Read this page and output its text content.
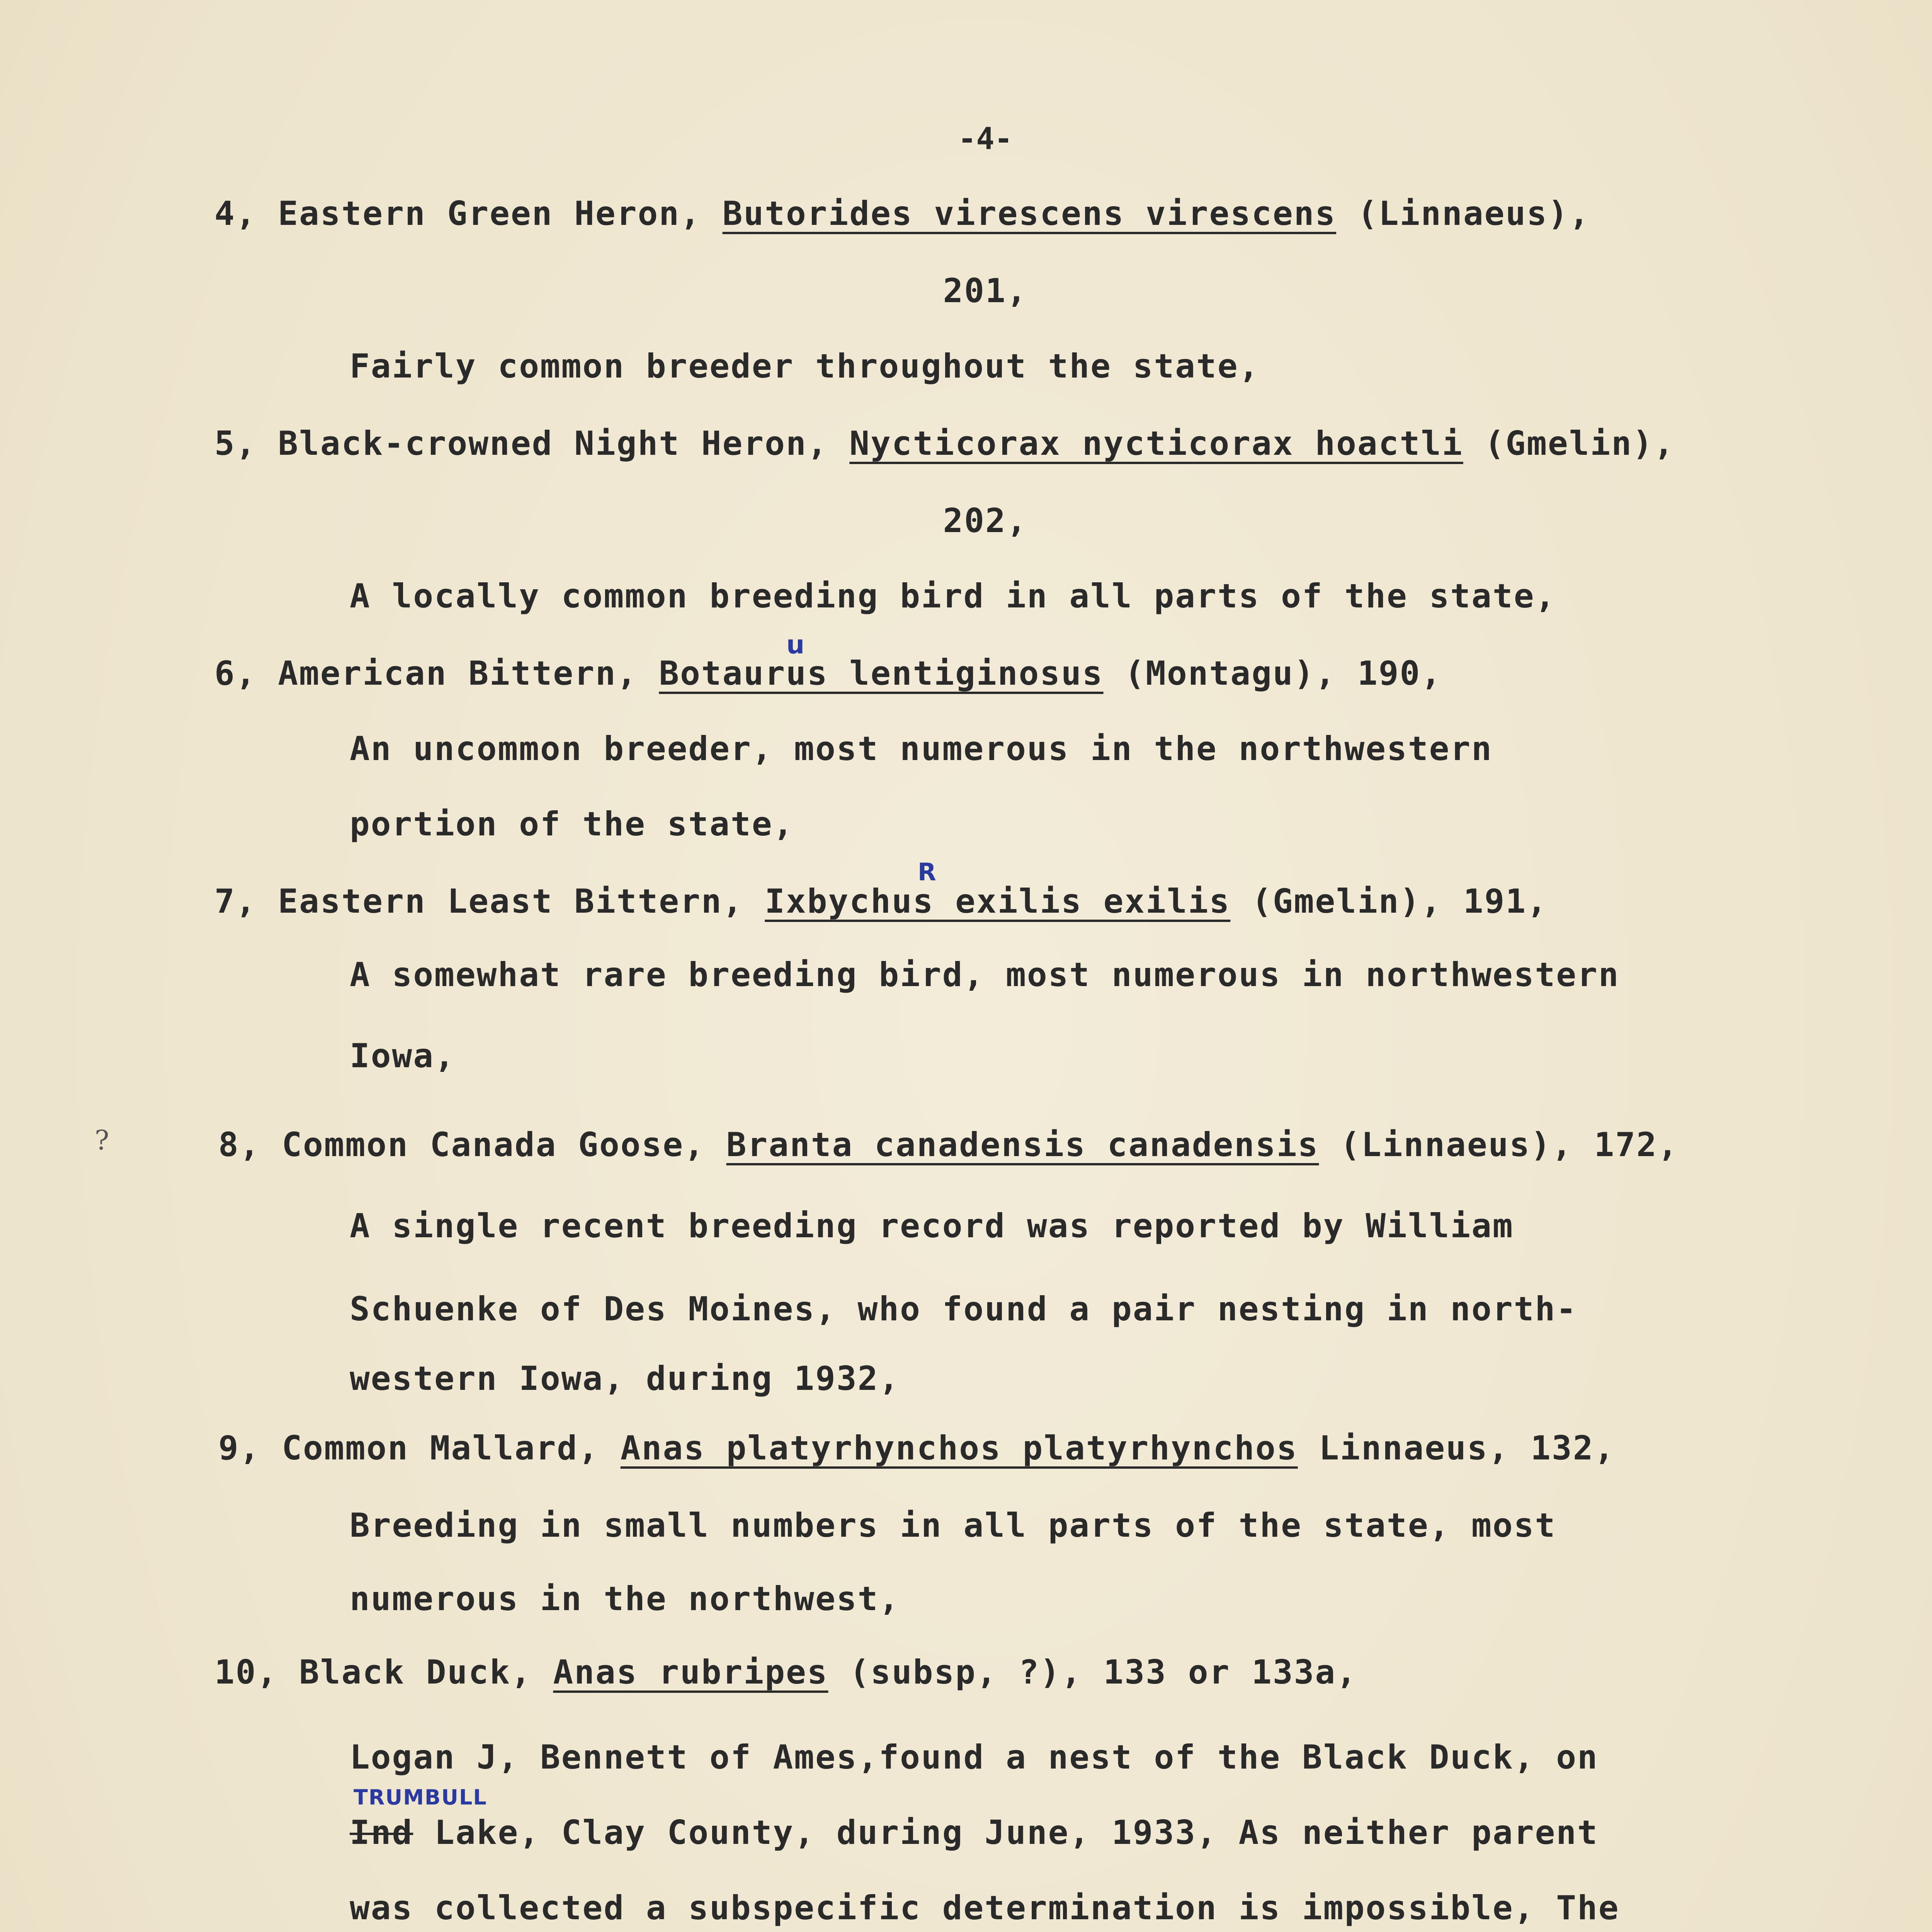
-4-
4, Eastern Green Heron, Butorides virescens virescens (Linnaeus),
201,
Fairly common breeder throughout the state,
5, Black-crowned Night Heron, Nycticorax nycticorax hoactli (Gmelin),
202,
A locally common breeding bird in all parts of the state,
u
6, American Bittern, Botaurus lentiginosus (Montagu), 190,
An uncommon breeder, most numerous in the northwestern
portion of the state,
R
7, Eastern Least Bittern, Ixbychus exilis exilis (Gmelin), 191,
A somewhat rare breeding bird, most numerous in northwestern
Iowa,
?	8, Common Canada Goose, Branta canadensis canadensis (Linnaeus), 172,
A single recent breeding record was reported by William
Schuenke of Des Moines, who found a pair nesting in north-
western Iowa, during 1932,
9, Common Mallard, Anas platyrhynchos platyrhynchos Linnaeus, 132,
Breeding in small numbers in all parts of the state, most
numerous in the northwest,
10, Black Duck, Anas rubripes (subsp, ?), 133 or 133a,
Logan J, Bennett of Ames,found a nest of the Black Duck, on
TRUMBULL
Ind Lake, Clay County, during June, 1933, As neither parent
was collected a subspecific determination is impossible, The
